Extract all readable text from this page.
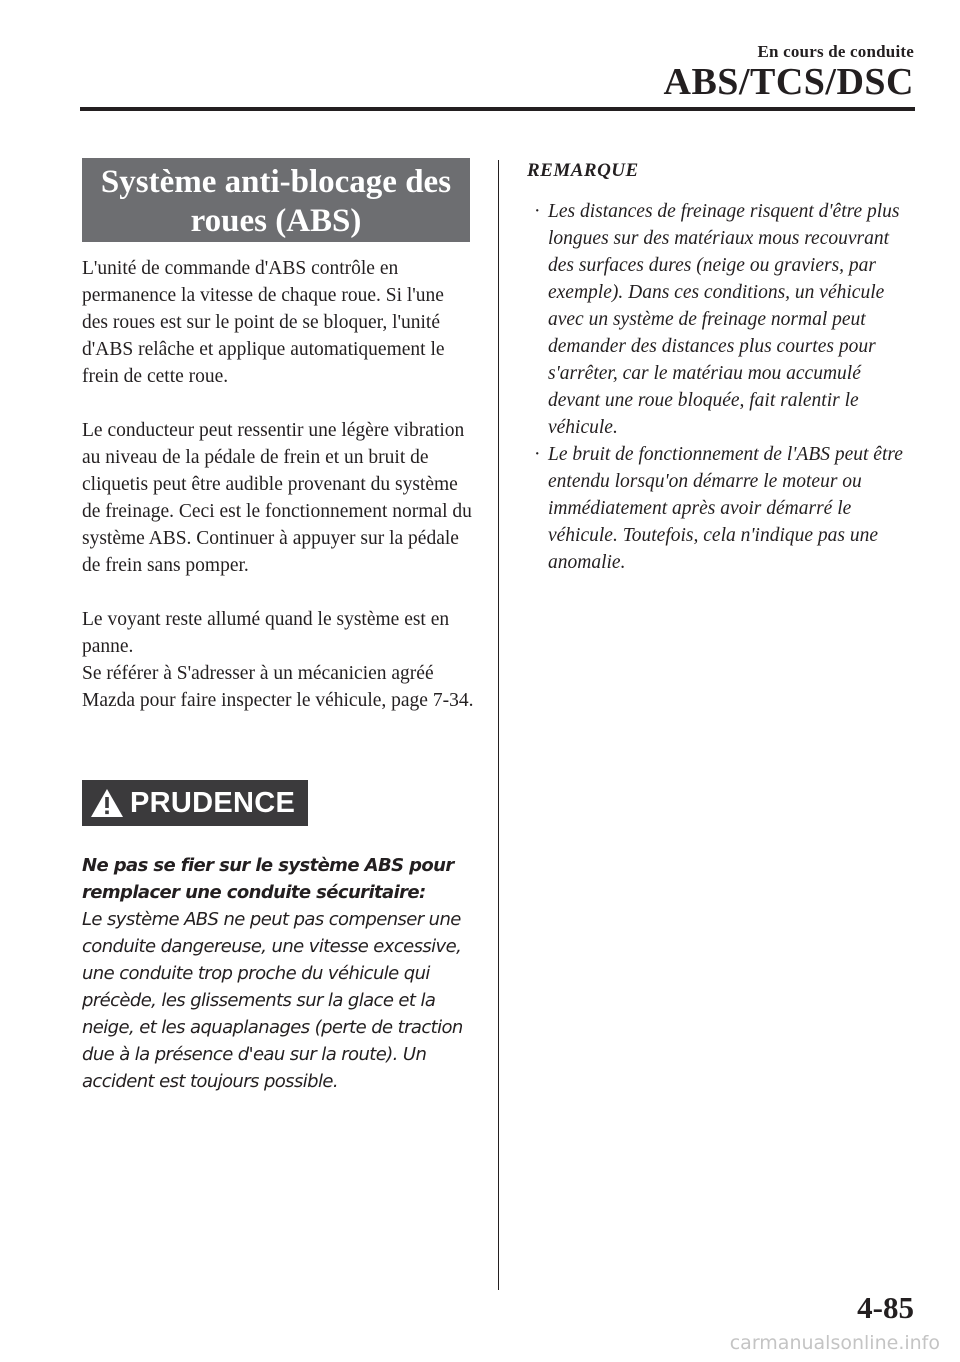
En cours de conduite
ABS/TCS/DSC
Système anti-blocage des
roues (ABS)

L'unité de commande d'ABS contrôle en permanence la vitesse de chaque roue. Si l'une des roues est sur le point de se bloquer, l'unité d'ABS relâche et applique automatiquement le frein de cette roue.

Le conducteur peut ressentir une légère vibration au niveau de la pédale de frein et un bruit de cliquetis peut être audible provenant du système de freinage. Ceci est le fonctionnement normal du système ABS. Continuer à appuyer sur la pédale de frein sans pomper.

Le voyant reste allumé quand le système est en panne.

Se référer à S'adresser à un mécanicien agréé Mazda pour faire inspecter le véhicule, page 7-34.

PRUDENCE
Ne pas se fier sur le système ABS pour remplacer une conduite sécuritaire:
Le système ABS ne peut pas compenser une conduite dangereuse, une vitesse excessive, une conduite trop proche du véhicule qui précède, les glissements sur la glace et la neige, et les aquaplanages (perte de traction due à la présence d'eau sur la route). Un accident est toujours possible.
REMARQUE
· Les distances de freinage risquent d'être plus longues sur des matériaux mous recouvrant des surfaces dures (neige ou graviers, par exemple). Dans ces conditions, un véhicule avec un système de freinage normal peut demander des distances plus courtes pour s'arrêter, car le matériau mou accumulé devant une roue bloquée, fait ralentir le véhicule.
· Le bruit de fonctionnement de l'ABS peut être entendu lorsqu'on démarre le moteur ou immédiatement après avoir démarré le véhicule. Toutefois, cela n'indique pas une anomalie.
4-85
carmanualsonline.info
